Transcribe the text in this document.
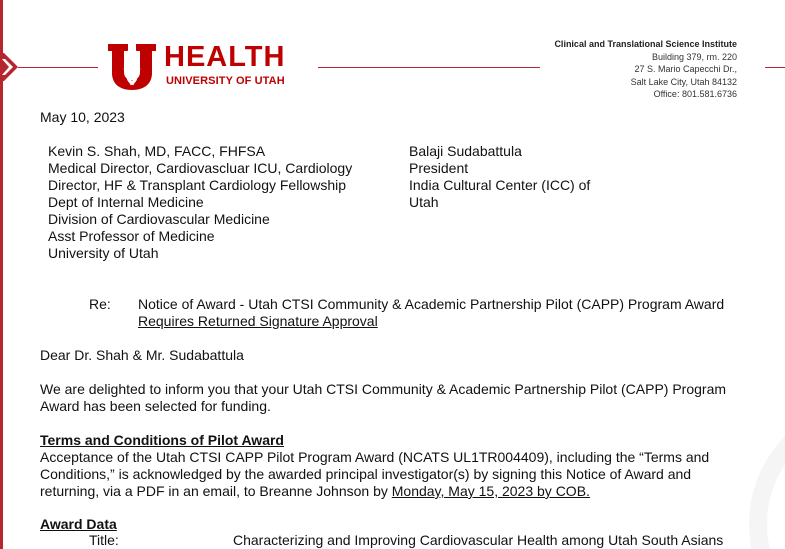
HEALTH
UNIVERSITY OF UTAH
Clinical and Translational Science Institute
Building 379, rm. 220
27 S. Mario Capecchi Dr.,
Salt Lake City, Utah 84132
Office: 801.581.6736

May 10, 2023

Kevin S. Shah, MD, FACC, FHFSA

Medical Director, Cardiovascluar ICU, Cardiology

Director, HF & Transplant Cardiology Fellowship

Dept of Internal Medicine

Division of Cardiovascular Medicine

Asst Professor of Medicine

University of Utah

Balaji Sudabattula

President

India Cultural Center (ICC) of

Utah

Re: Notice of Award - Utah CTSI Community & Academic Partnership Pilot (CAPP) Program Award

Requires Returned Signature Approval

Dear Dr. Shah & Mr. Sudabattula

We are delighted to inform you that your Utah CTSI Community & Academic Partnership Pilot (CAPP) Program

Award has been selected for funding.

Terms and Conditions of Pilot Award

Acceptance of the Utah CTSI CAPP Pilot Program Award (NCATS UL1TR004409), including the “Terms and

Conditions,” is acknowledged by the awarded principal investigator(s) by signing this Notice of Award and

returning, via a PDF in an email, to Breanne Johnson by Monday, May 15, 2023 by COB.

Award Data

Title:	Characterizing and Improving Cardiovascular Health among Utah South Asians
